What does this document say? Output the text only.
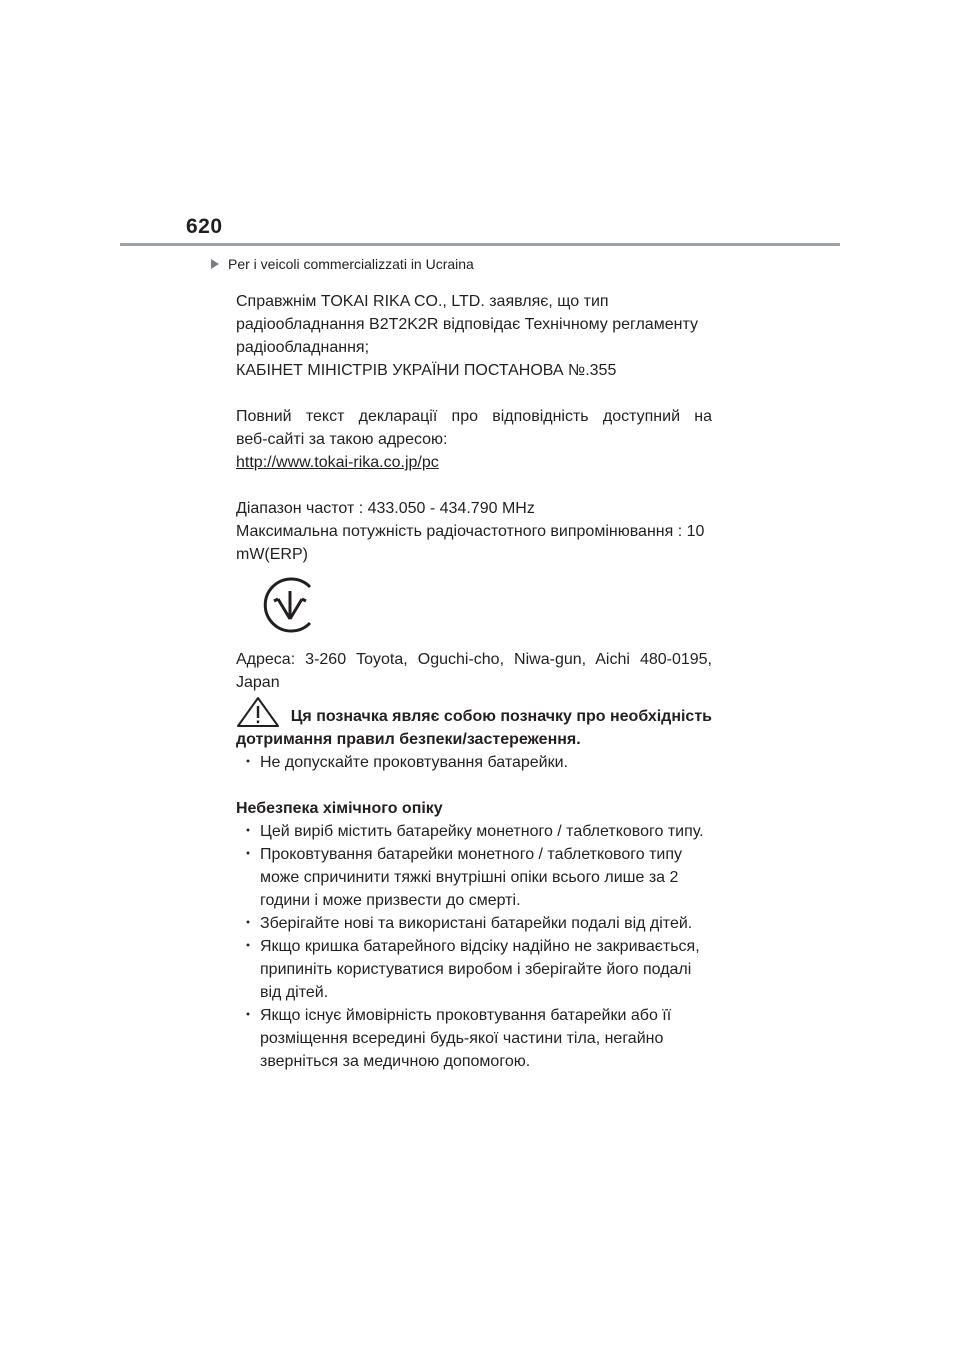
620
Per i veicoli commercializzati in Ucraina

Справжнім TOKAI RIKA CO., LTD. заявляє, що тип

радіообладнання B2T2K2R відповідає Технічному регламенту

радіообладнання;

КАБІНЕТ МІНІСТРІВ УКРАЇНИ ПОСТАНОВА №.355

Повний текст декларації про відповідність доступний на

веб-сайті за такою адресою:

http://www.tokai-rika.co.jp/pc

Діапазон частот : 433.050 - 434.790 MHz

Максимальна потужність радіочастотного випромінювання : 10

mW(ERP)

Адреса: 3-260 Toyota, Oguchi-cho, Niwa-gun, Aichi 480-0195,

Japan

Ця позначка являє собою позначку про необхідність

дотримання правил безпеки/застереження.

･ Не допускайте проковтування батарейки.

Небезпека хімічного опіку

･ Цей виріб містить батарейку монетного / таблеткового типу.

･ Проковтування батарейки монетного / таблеткового типу може спричинити тяжкі внутрішні опіки всього лише за 2 години і може призвести до смерті.

･ Зберігайте нові та використані батарейки подалі від дітей.

･ Якщо кришка батарейного відсіку надійно не закривається, припиніть користуватися виробом і зберігайте його подалі від дітей.

･ Якщо існує ймовірність проковтування батарейки або її розміщення всередині будь-якої частини тіла, негайно зверніться за медичною допомогою.
